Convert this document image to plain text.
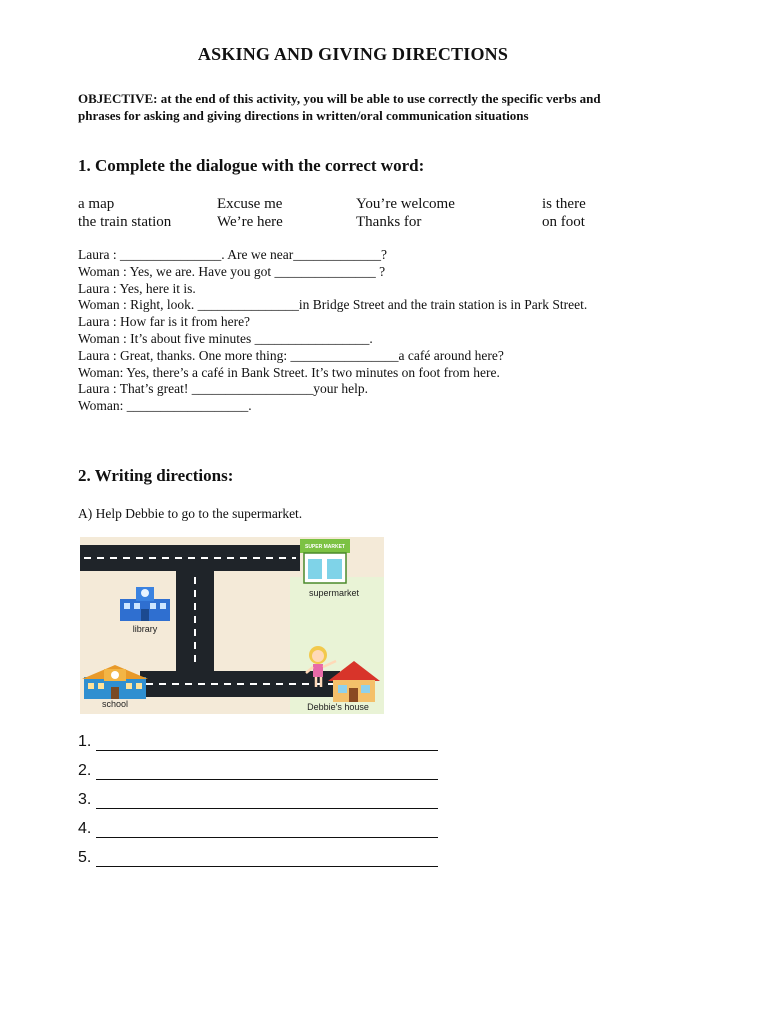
ASKING AND GIVING DIRECTIONS
OBJECTIVE: at the end of this activity, you will be able to use correctly the specific verbs and phrases for asking and giving directions in written/oral communication situations
1. Complete the dialogue with the correct word:
a map	Excuse me	You’re welcome	is there
the train station	We’re here	Thanks for	on foot
Laura : _______________. Are we near_____________?
Woman : Yes, we are. Have you got _______________ ?
Laura : Yes, here it is.
Woman : Right, look. _______________in Bridge Street and the train station is in Park Street.
Laura : How far is it from here?
Woman : It’s about five minutes _________________.
Laura : Great, thanks. One more thing: ________________a café around here?
Woman: Yes, there’s a café in Bank Street. It’s two minutes on foot from here.
Laura : That’s great! __________________your help.
Woman: __________________.
2. Writing directions:
A) Help Debbie to go to the supermarket.
SUPER MARKET
supermarket
library
school	Debbie's house
1.
2.
3.
4.
5.
